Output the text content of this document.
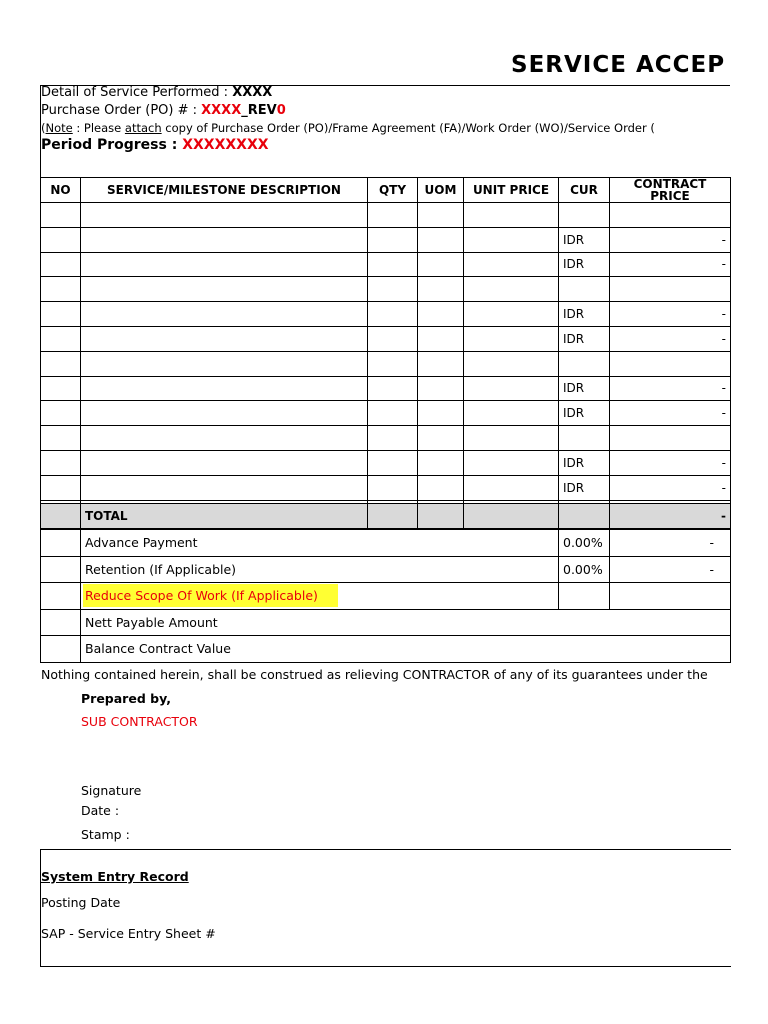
SERVICE ACCEP
Detail of Service Performed : XXXX
Purchase Order (PO) # : XXXX_REV0
(Note : Please attach copy of Purchase Order (PO)/Frame Agreement (FA)/Work Order (WO)/Service Order (
Period Progress : XXXXXXXX
NO	SERVICE/MILESTONE DESCRIPTION	QTY	UOM	UNIT PRICE	CUR	CONTRACT PRICE

					IDR	-
					IDR	-

					IDR	-
					IDR	-

					IDR	-
					IDR	-

					IDR	-
					IDR	-

	TOTAL					-
	Advance Payment	0.00%	-
	Retention (If Applicable)	0.00%	-
	Reduce Scope Of Work (If Applicable)		
	Nett Payable Amount		
	Balance Contract Value		
Nothing contained herein, shall be construed as relieving CONTRACTOR of any of its guarantees under the
Prepared by,
SUB CONTRACTOR
Signature
Date :
Stamp :
System Entry Record
Posting Date
SAP - Service Entry Sheet #
